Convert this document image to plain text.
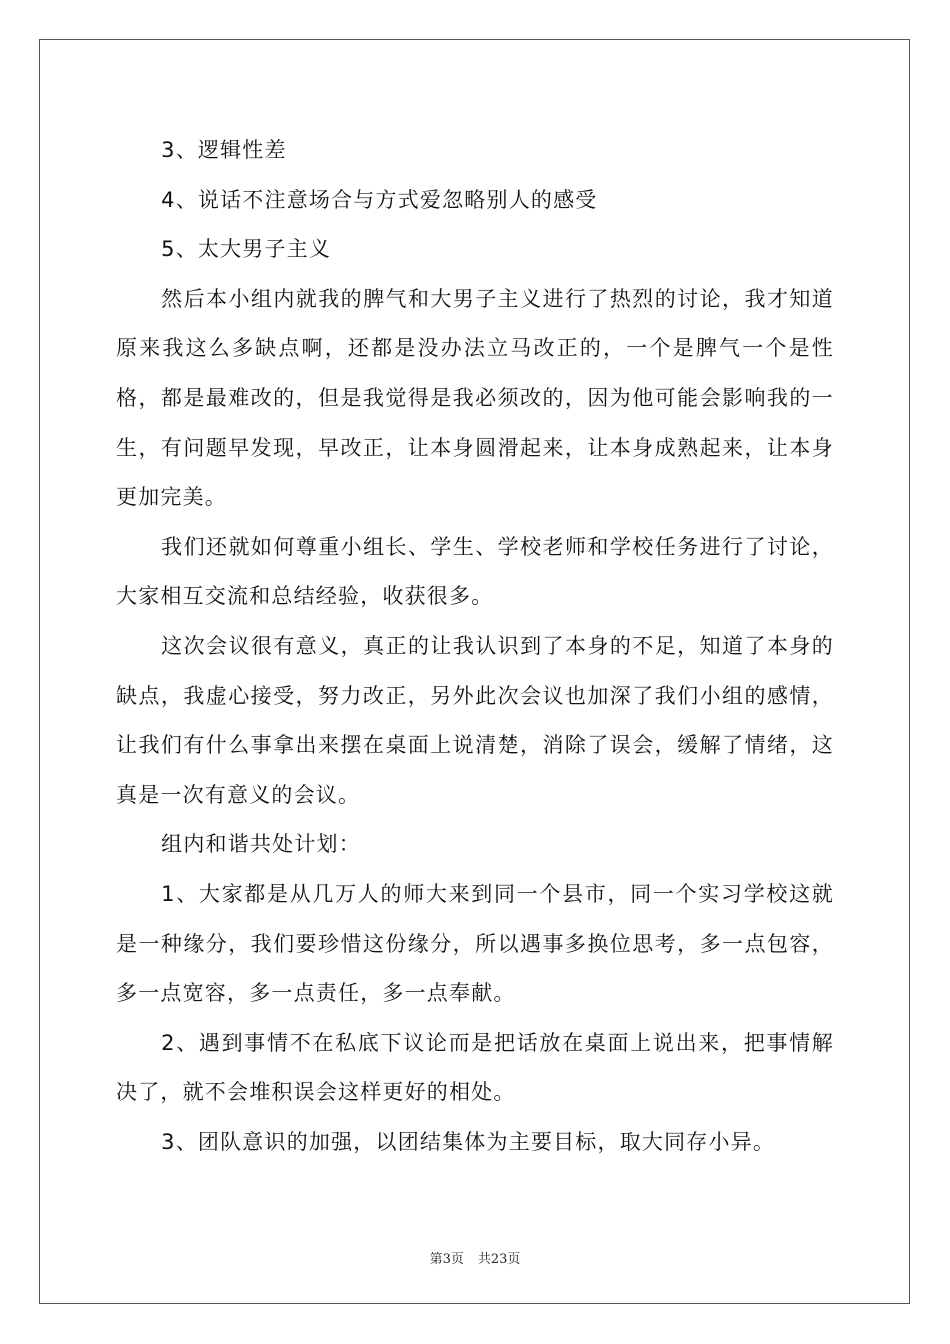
3、逻辑性差

4、说话不注意场合与方式爱忽略别人的感受

5、太大男子主义

然后本小组内就我的脾气和大男子主义进行了热烈的讨论，我才知道原来我这么多缺点啊，还都是没办法立马改正的，一个是脾气一个是性格，都是最难改的，但是我觉得是我必须改的，因为他可能会影响我的一生，有问题早发现，早改正，让本身圆滑起来，让本身成熟起来，让本身更加完美。

我们还就如何尊重小组长、学生、学校老师和学校任务进行了讨论，大家相互交流和总结经验，收获很多。

这次会议很有意义，真正的让我认识到了本身的不足，知道了本身的缺点，我虚心接受，努力改正，另外此次会议也加深了我们小组的感情，让我们有什么事拿出来摆在桌面上说清楚，消除了误会，缓解了情绪，这真是一次有意义的会议。

组内和谐共处计划：

1、大家都是从几万人的师大来到同一个县市，同一个实习学校这就是一种缘分，我们要珍惜这份缘分，所以遇事多换位思考，多一点包容，多一点宽容，多一点责任，多一点奉献。

2、遇到事情不在私底下议论而是把话放在桌面上说出来，把事情解决了，就不会堆积误会这样更好的相处。

3、团队意识的加强，以团结集体为主要目标，取大同存小异。

第3页 共23页
